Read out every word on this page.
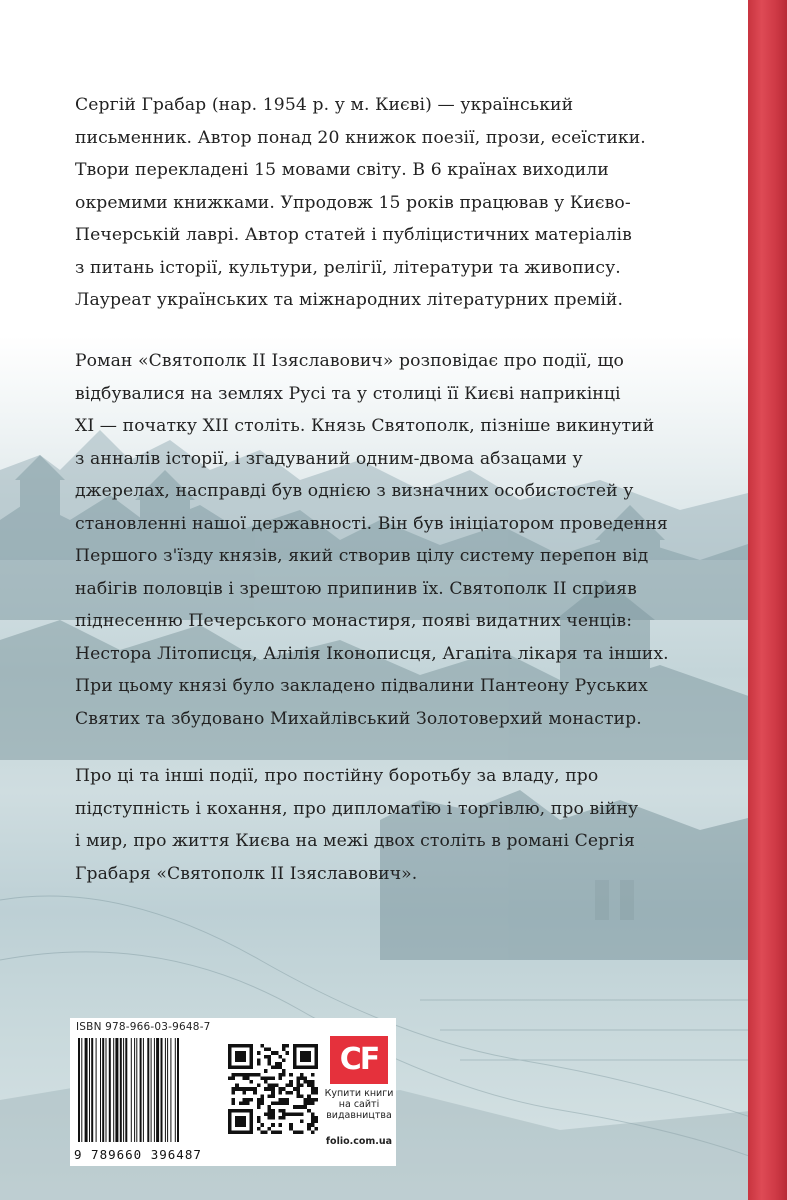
Сергій Грабар (нар. 1954 р. у м. Києві) — український

письменник. Автор понад 20 книжок поезії, прози, есеїстики.

Твори перекладені 15 мовами світу. В 6 країнах виходили

окремими книжками. Упродовж 15 років працював у Києво-

Печерській лаврі. Автор статей і публіцистичних матеріалів

з питань історії, культури, релігії, літератури та живопису.

Лауреат українських та міжнародних літературних премій.

Роман «Святополк ІІ Ізяславович» розповідає про події, що

відбувалися на землях Русі та у столиці її Києві наприкінці

XI — початку XII століть. Князь Святополк, пізніше викинутий

з анналів історії, і згадуваний одним-двома абзацами у

джерелах, насправді був однією з визначних особистостей у

становленні нашої державності. Він був ініціатором проведення

Першого з'їзду князів, який створив цілу систему перепон від

набігів половців і зрештою припинив їх. Святополк ІІ сприяв

піднесенню Печерського монастиря, появі видатних ченців:

Нестора Літописця, Алілія Іконописця, Агапіта лікаря та інших.

При цьому князі було закладено підвалини Пантеону Руських

Святих та збудовано Михайлівський Золотоверхий монастир.

Про ці та інші події, про постійну боротьбу за владу, про

підступність і кохання, про дипломатію і торгівлю, про війну

і мир, про життя Києва на межі двох століть в романі Сергія

Грабаря «Святополк ІІ Ізяславович».

ISBN 978-966-03-9648-7
9 789660 396487
CF
Купити книги на сайті видавництва
folio.com.ua
